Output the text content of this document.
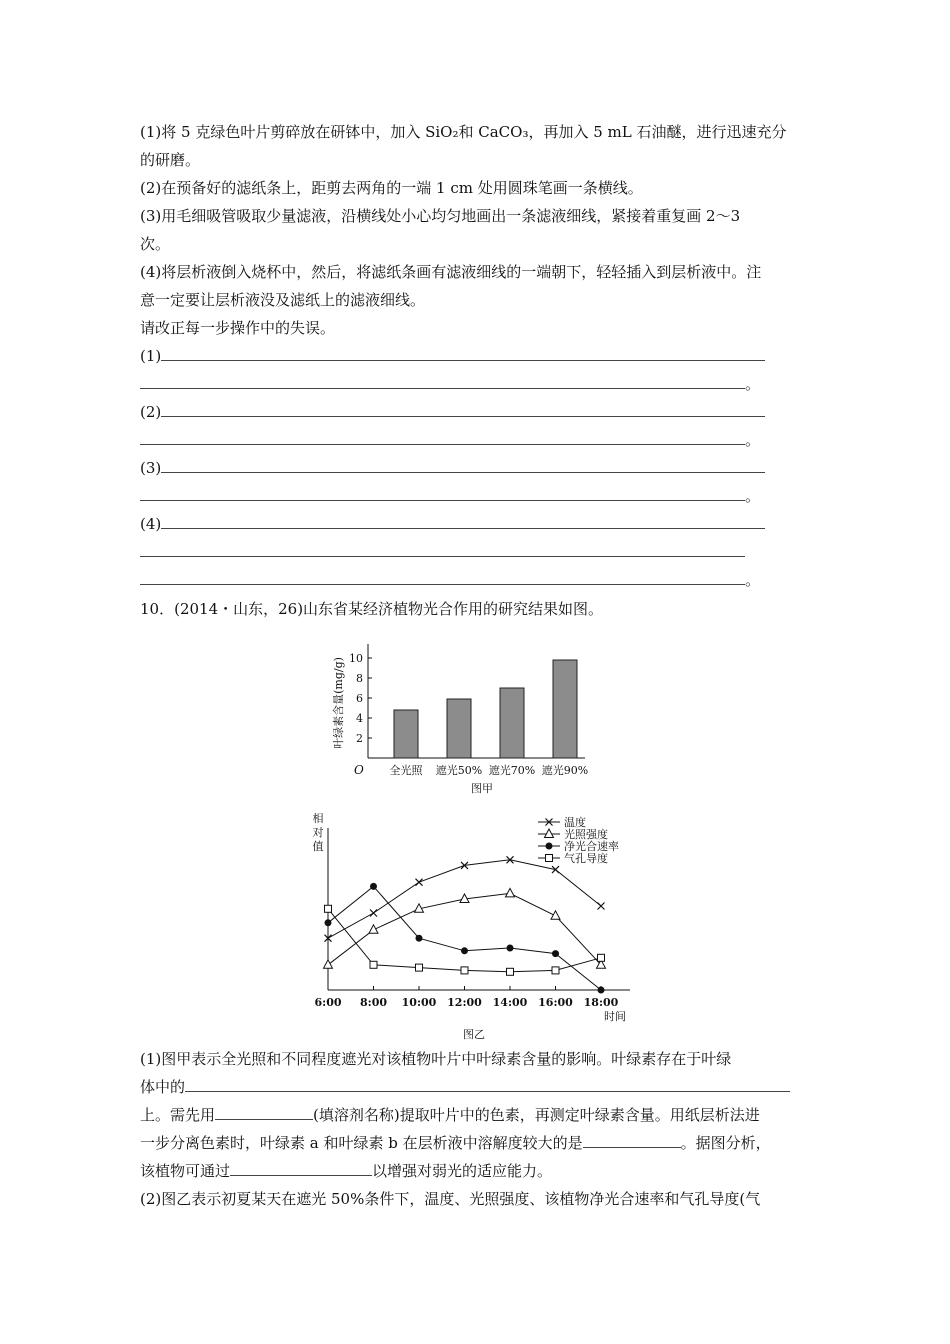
(1)将 5 克绿色叶片剪碎放在研钵中，加入 SiO₂和 CaCO₃，再加入 5 mL 石油醚，进行迅速充分
的研磨。
(2)在预备好的滤纸条上，距剪去两角的一端 1 cm 处用圆珠笔画一条横线。
(3)用毛细吸管吸取少量滤液，沿横线处小心均匀地画出一条滤液细线，紧接着重复画 2～3
次。
(4)将层析液倒入烧杯中，然后，将滤纸条画有滤液细线的一端朝下，轻轻插入到层析液中。注
意一定要让层析液没及滤纸上的滤液细线。
请改正每一步操作中的失误。
(1)
。
(2)
。
(3)
。
(4)
。
10．(2014・山东，26)山东省某经济植物光合作用的研究结果如图。
2
4
6
8
10
O
叶绿素含量(mg/g)
全光照 遮光50% 遮光70% 遮光90%
图甲
相
对
值
6:00 8:00 10:00 12:00 14:00 16:00 18:00
时间
图乙
温度
光照强度
净光合速率
气孔导度
(1)图甲表示全光照和不同程度遮光对该植物叶片中叶绿素含量的影响。叶绿素存在于叶绿
体中的
上。需先用	(填溶剂名称)提取叶片中的色素，再测定叶绿素含量。用纸层析法进
一步分离色素时，叶绿素 a 和叶绿素 b 在层析液中溶解度较大的是	。据图分析，
该植物可通过	以增强对弱光的适应能力。
(2)图乙表示初夏某天在遮光 50%条件下，温度、光照强度、该植物净光合速率和气孔导度(气
